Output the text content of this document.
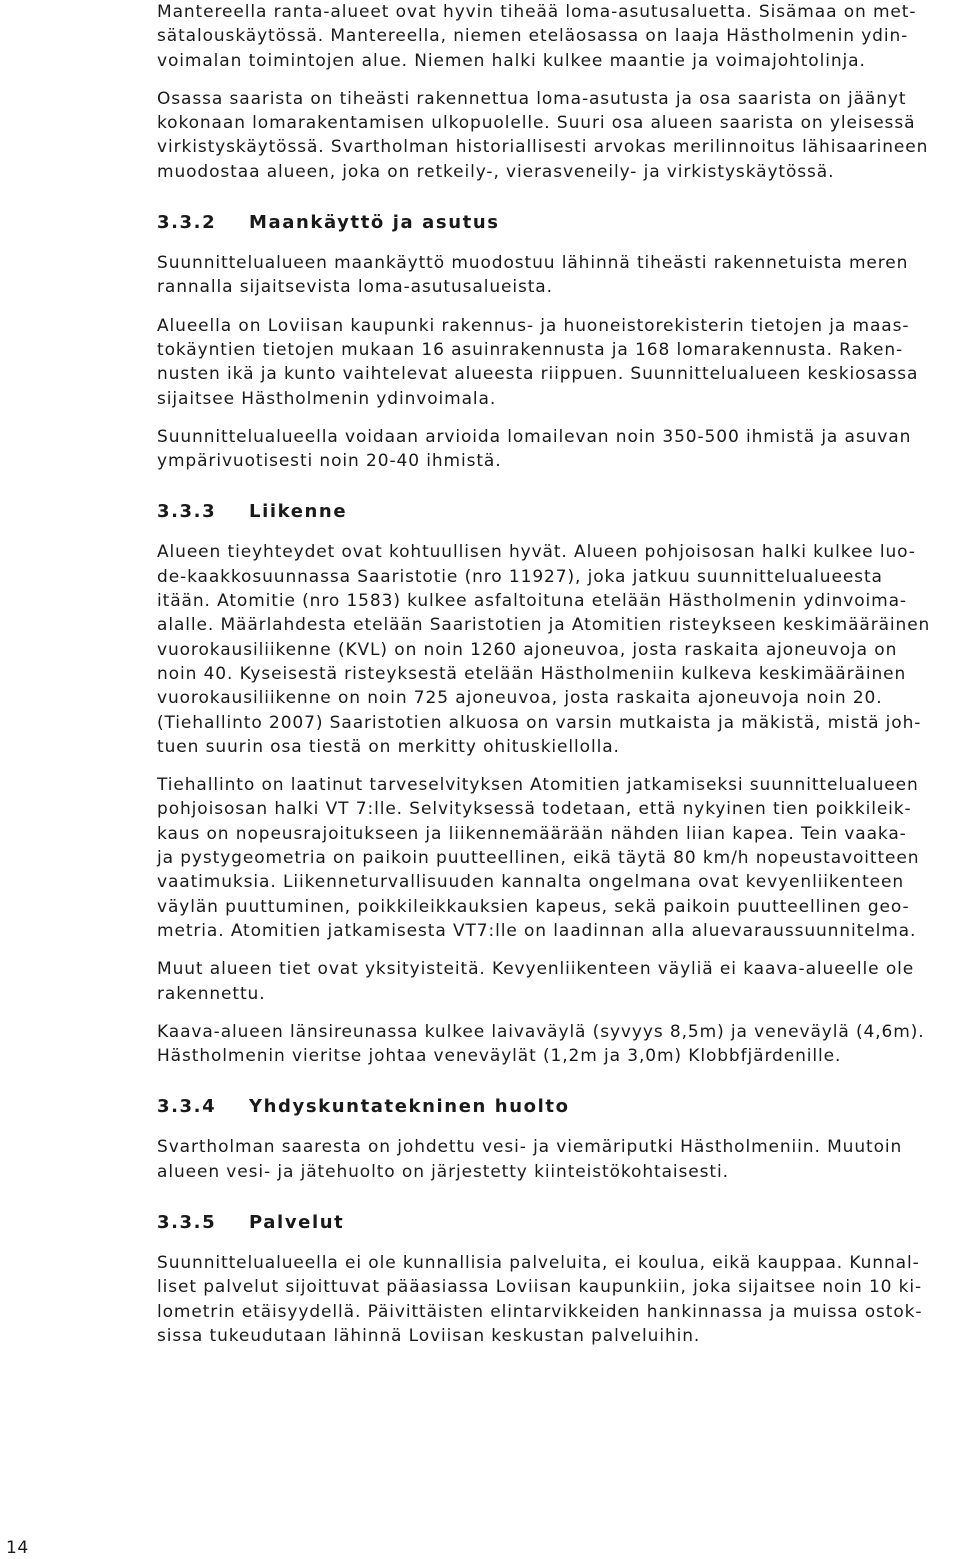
Mantereella ranta-alueet ovat hyvin tiheää loma-asutusaluetta. Sisämaa on met-
sätalouskäytössä. Mantereella, niemen eteläosassa on laaja Hästholmenin ydin-
voimalan toimintojen alue. Niemen halki kulkee maantie ja voimajohtolinja.

Osassa saarista on tiheästi rakennettua loma-asutusta ja osa saarista on jäänyt
kokonaan lomarakentamisen ulkopuolelle. Suuri osa alueen saarista on yleisessä
virkistyskäytössä. Svartholman historiallisesti arvokas merilinnoitus lähisaarineen
muodostaa alueen, joka on retkeily-, vierasveneily- ja virkistyskäytössä.

3.3.2 Maankäyttö ja asutus

Suunnittelualueen maankäyttö muodostuu lähinnä tiheästi rakennetuista meren
rannalla sijaitsevista loma-asutusalueista.

Alueella on Loviisan kaupunki rakennus- ja huoneistorekisterin tietojen ja maas-
tokäyntien tietojen mukaan 16 asuinrakennusta ja 168 lomarakennusta. Raken-
nusten ikä ja kunto vaihtelevat alueesta riippuen. Suunnittelualueen keskiosassa
sijaitsee Hästholmenin ydinvoimala.

Suunnittelualueella voidaan arvioida lomailevan noin 350-500 ihmistä ja asuvan
ympärivuotisesti noin 20-40 ihmistä.

3.3.3 Liikenne

Alueen tieyhteydet ovat kohtuullisen hyvät. Alueen pohjoisosan halki kulkee luo-
de-kaakkosuunnassa Saaristotie (nro 11927), joka jatkuu suunnittelualueesta
itään. Atomitie (nro 1583) kulkee asfaltoituna etelään Hästholmenin ydinvoima-
alalle. Määrlahdesta etelään Saaristotien ja Atomitien risteykseen keskimääräinen
vuorokausiliikenne (KVL) on noin 1260 ajoneuvoa, josta raskaita ajoneuvoja on
noin 40. Kyseisestä risteyksestä etelään Hästholmeniin kulkeva keskimääräinen
vuorokausiliikenne on noin 725 ajoneuvoa, josta raskaita ajoneuvoja noin 20.
(Tiehallinto 2007) Saaristotien alkuosa on varsin mutkaista ja mäkistä, mistä joh-
tuen suurin osa tiestä on merkitty ohituskiellolla.

Tiehallinto on laatinut tarveselvityksen Atomitien jatkamiseksi suunnittelualueen
pohjoisosan halki VT 7:lle. Selvityksessä todetaan, että nykyinen tien poikkileik-
kaus on nopeusrajoitukseen ja liikennemäärään nähden liian kapea. Tein vaaka-
ja pystygeometria on paikoin puutteellinen, eikä täytä 80 km/h nopeustavoitteen
vaatimuksia. Liikenneturvallisuuden kannalta ongelmana ovat kevyenliikenteen
väylän puuttuminen, poikkileikkauksien kapeus, sekä paikoin puutteellinen geo-
metria. Atomitien jatkamisesta VT7:lle on laadinnan alla aluevaraussuunnitelma.

Muut alueen tiet ovat yksityisteitä. Kevyenliikenteen väyliä ei kaava-alueelle ole
rakennettu.

Kaava-alueen länsireunassa kulkee laivaväylä (syvyys 8,5m) ja veneväylä (4,6m).
Hästholmenin vieritse johtaa veneväylät (1,2m ja 3,0m) Klobbfjärdenille.

3.3.4 Yhdyskuntatekninen huolto

Svartholman saaresta on johdettu vesi- ja viemäriputki Hästholmeniin. Muutoin
alueen vesi- ja jätehuolto on järjestetty kiinteistökohtaisesti.

3.3.5 Palvelut

Suunnittelualueella ei ole kunnallisia palveluita, ei koulua, eikä kauppaa. Kunnal-
liset palvelut sijoittuvat pääasiassa Loviisan kaupunkiin, joka sijaitsee noin 10 ki-
lometrin etäisyydellä. Päivittäisten elintarvikkeiden hankinnassa ja muissa ostok-
sissa tukeudutaan lähinnä Loviisan keskustan palveluihin.

14
